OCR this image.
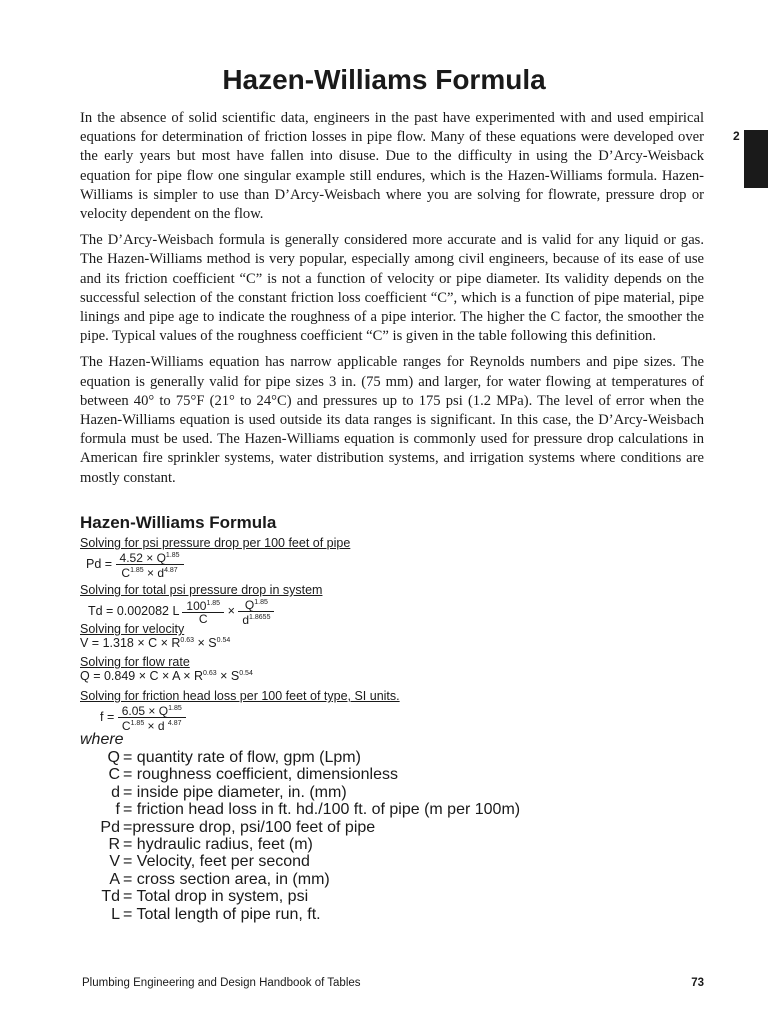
Hazen-Williams Formula
2

In the absence of solid scientific data, engineers in the past have experimented with and used empirical equations for determination of friction losses in pipe flow. Many of these equations were developed over the early years but most have fallen into disuse. Due to the difficulty in using the D’Arcy-Weisback equation for pipe flow one singular example still endures, which is the Hazen-Williams formula. Hazen-Williams is simpler to use than D’Arcy-Weisbach where you are solving for flowrate, pressure drop or velocity dependent on the flow.

The D’Arcy-Weisbach formula is generally considered more accurate and is valid for any liquid or gas. The Hazen-Williams method is very popular, especially among civil engineers, because of its ease of use and its friction coefficient “C” is not a function of velocity or pipe diameter. Its validity depends on the successful selection of the constant friction loss coefficient “C”, which is a function of pipe material, pipe linings and pipe age to indicate the roughness of a pipe interior. The higher the C factor, the smoother the pipe. Typical values of the roughness coefficient “C” is given in the table following this definition.

The Hazen-Williams equation has narrow applicable ranges for Reynolds numbers and pipe sizes. The equation is generally valid for pipe sizes 3 in. (75 mm) and larger, for water flowing at temperatures of between 40° to 75°F (21° to 24°C) and pressures up to 175 psi (1.2 MPa). The level of error when the Hazen-Williams equation is used outside its data ranges is significant. In this case, the D’Arcy-Weisbach formula must be used. The Hazen-Williams equation is commonly used for pressure drop calculations in American fire sprinkler systems, water distribution systems, and irrigation systems where conditions are mostly constant.

Hazen-Williams Formula
Solving for psi pressure drop per 100 feet of pipe
$Pd = \frac{4.52 \times Q^{1.85}}{C^{1.85} \times d^{4.87}}$
Solving for total psi pressure drop in system
Td = 0.002082 L $\frac{100^{1.85}}{C} \times \frac{Q^{1.85}}{d^{1.8655}}$
Solving for velocity
$V = 1.318 \times C \times R^{0.63} \times S^{0.54}$
Solving for flow rate
$Q = 0.849 \times C \times A \times R^{0.63} \times S^{0.54}$
Solving for friction head loss per 100 feet of type, SI units.
$f = \frac{6.05 \times Q^{1.85}}{C^{1.85} \times d ^{4.87}}$
where
Q = quantity rate of flow, gpm (Lpm)
C = roughness coefficient, dimensionless
d = inside pipe diameter, in. (mm)
f = friction head loss in ft. hd./100 ft. of pipe (m per 100m)
Pd =pressure drop, psi/100 feet of pipe
R = hydraulic radius, feet (m)
V = Velocity, feet per second
A = cross section area, in (mm)
Td = Total drop in system, psi
L = Total length of pipe run, ft.
Plumbing Engineering and Design Handbook of Tables	73
